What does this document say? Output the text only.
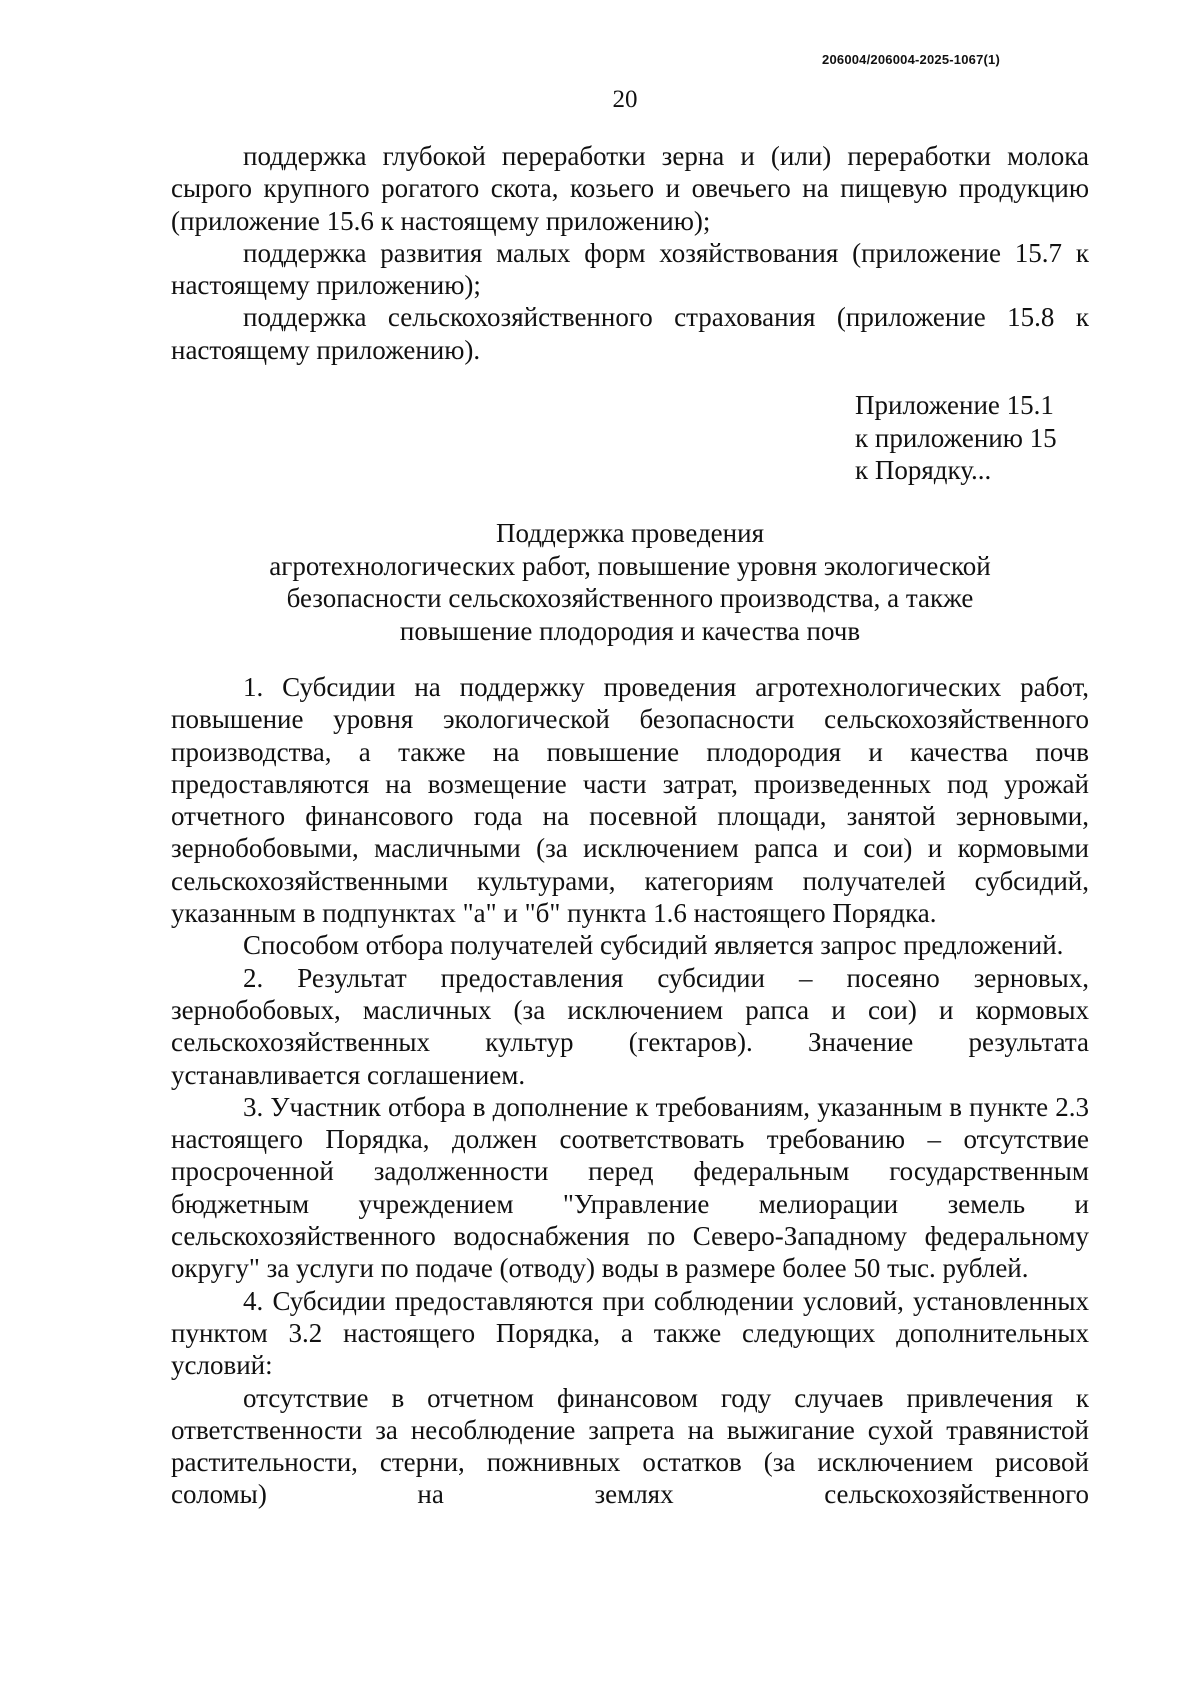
206004/206004-2025-1067(1)
20

поддержка глубокой переработки зерна и (или) переработки молока сырого крупного рогатого скота, козьего и овечьего на пищевую продукцию (приложение 15.6 к настоящему приложению);

поддержка развития малых форм хозяйствования (приложение 15.7 к настоящему приложению);

поддержка сельскохозяйственного страхования (приложение 15.8 к настоящему приложению).

Приложение 15.1
к приложению 15
к Порядку...
Поддержка проведения
агротехнологических работ, повышение уровня экологической
безопасности сельскохозяйственного производства, а также
повышение плодородия и качества почв

1. Субсидии на поддержку проведения агротехнологических работ, повышение уровня экологической безопасности сельскохозяйственного производства, а также на повышение плодородия и качества почв предоставляются на возмещение части затрат, произведенных под урожай отчетного финансового года на посевной площади, занятой зерновыми, зернобобовыми, масличными (за исключением рапса и сои) и кормовыми сельскохозяйственными культурами, категориям получателей субсидий, указанным в подпунктах "а" и "б" пункта 1.6 настоящего Порядка.

Способом отбора получателей субсидий является запрос предложений.

2. Результат предоставления субсидии – посеяно зерновых, зернобобовых, масличных (за исключением рапса и сои) и кормовых сельскохозяйственных культур (гектаров). Значение результата устанавливается соглашением.

3. Участник отбора в дополнение к требованиям, указанным в пункте 2.3 настоящего Порядка, должен соответствовать требованию – отсутствие просроченной задолженности перед федеральным государственным бюджетным учреждением "Управление мелиорации земель и сельскохозяйственного водоснабжения по Северо-Западному федеральному округу" за услуги по подаче (отводу) воды в размере более 50 тыс. рублей.

4. Субсидии предоставляются при соблюдении условий, установленных пунктом 3.2 настоящего Порядка, а также следующих дополнительных условий:

отсутствие в отчетном финансовом году случаев привлечения к ответственности за несоблюдение запрета на выжигание сухой травянистой растительности, стерни, пожнивных остатков (за исключением рисовой соломы) на землях сельскохозяйственного
